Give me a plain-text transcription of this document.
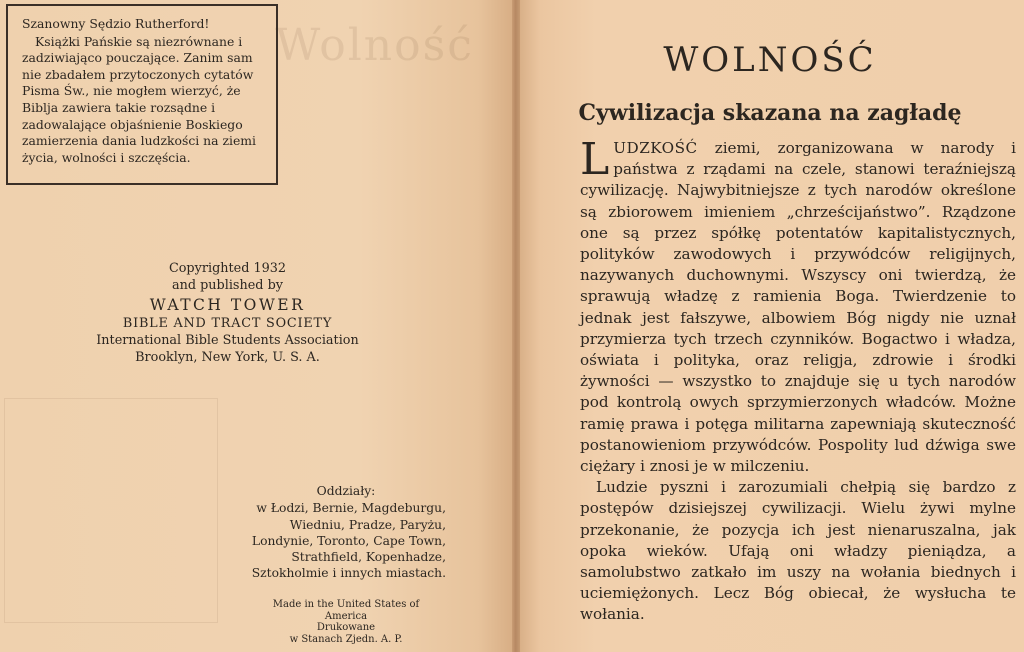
Wolność

Szanowny Sędzio Rutherford!

Książki Pańskie są niezrównane i zadziwiająco pouczające. Zanim sam nie zbadałem przytoczonych cytatów Pisma Św., nie mogłem wierzyć, że Biblja zawiera takie rozsądne i zadowalające objaśnienie Boskiego zamierzenia dania ludzkości na ziemi życia, wolności i szczęścia.

Copyrighted 1932
and published by
WATCH TOWER
BIBLE AND TRACT SOCIETY
International Bible Students Association
Brooklyn, New York, U. S. A.
Oddziały:

w Łodzi, Bernie, Magdeburgu, Wiedniu, Pradze, Paryżu, Londynie, Toronto, Cape Town, Strathfield, Kopenhadze, Sztokholmie i innych miastach.

Made in the United States of
America
Drukowane
w Stanach Zjedn. A. P.
WOLNOŚĆ
Cywilizacja skazana na zagładę

LUDZKOŚĆ ziemi, zorganizowana w narody i państwa z rządami na czele, stanowi teraźniejszą cywilizację. Najwybitniejsze z tych narodów określone są zbiorowem imieniem „chrześcijaństwo”. Rządzone one są przez spółkę potentatów kapitalistycznych, polityków zawodowych i przywódców religijnych, nazywanych duchownymi. Wszyscy oni twierdzą, że sprawują władzę z ramienia Boga. Twierdzenie to jednak jest fałszywe, albowiem Bóg nigdy nie uznał przymierza tych trzech czynników. Bogactwo i władza, oświata i polityka, oraz religja, zdrowie i środki żywności — wszystko to znajduje się u tych narodów pod kontrolą owych sprzymierzonych władców. Możne ramię prawa i potęga militarna zapewniają skuteczność postanowieniom przywódców. Pospolity lud dźwiga swe ciężary i znosi je w milczeniu.

Ludzie pyszni i zarozumiali chełpią się bardzo z postępów dzisiejszej cywilizacji. Wielu żywi mylne przekonanie, że pozycja ich jest nienaruszalna, jak opoka wieków. Ufają oni władzy pieniądza, a samolubstwo zatkało im uszy na wołania biednych i uciemiężonych. Lecz Bóg obiecał, że wysłucha te wołania.
